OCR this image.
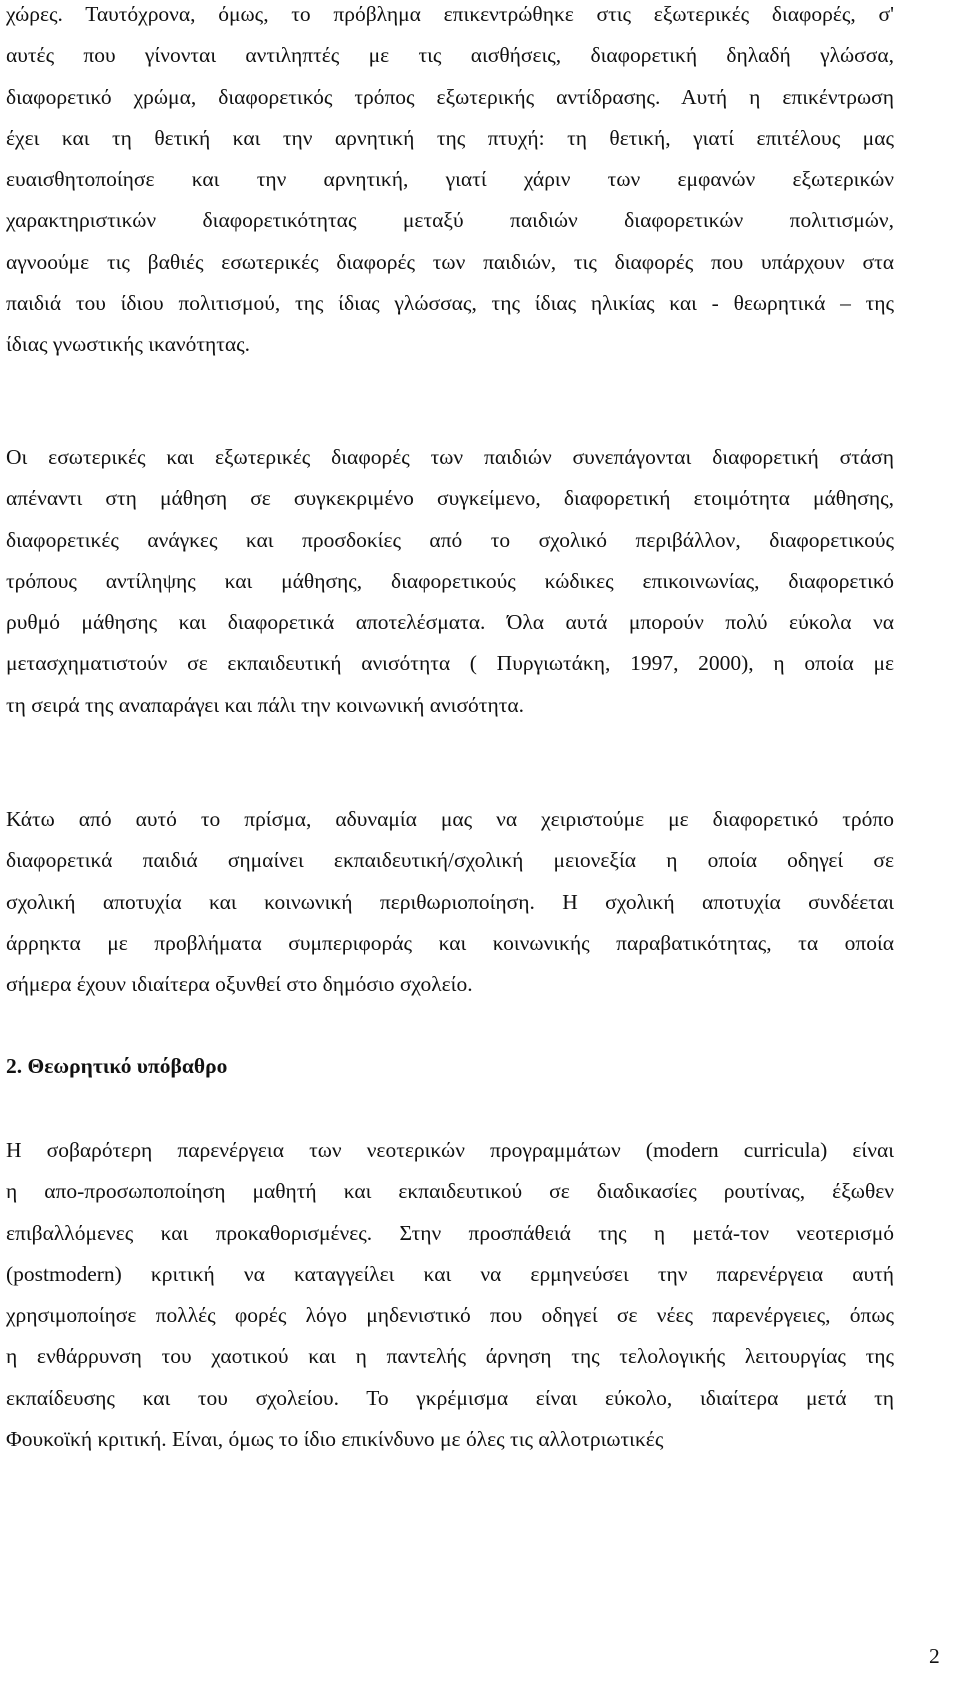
χώρες. Ταυτόχρονα, όμως, το πρόβλημα επικεντρώθηκε στις εξωτερικές διαφορές, σ'
αυτές που γίνονται αντιληπτές με τις αισθήσεις, διαφορετική δηλαδή γλώσσα,
διαφορετικό χρώμα, διαφορετικός τρόπος εξωτερικής αντίδρασης. Αυτή η επικέντρωση
έχει και τη θετική και την αρνητική της πτυχή: τη θετική, γιατί επιτέλους μας
ευαισθητοποίησε και την αρνητική, γιατί χάριν των εμφανών εξωτερικών
χαρακτηριστικών διαφορετικότητας μεταξύ παιδιών διαφορετικών πολιτισμών,
αγνοούμε τις βαθιές εσωτερικές διαφορές των παιδιών, τις διαφορές που υπάρχουν στα
παιδιά του ίδιου πολιτισμού, της ίδιας γλώσσας, της ίδιας ηλικίας και - θεωρητικά – της
ίδιας γνωστικής ικανότητας.
Οι εσωτερικές και εξωτερικές διαφορές των παιδιών συνεπάγονται διαφορετική στάση
απέναντι στη μάθηση σε συγκεκριμένο συγκείμενο, διαφορετική ετοιμότητα μάθησης,
διαφορετικές ανάγκες και προσδοκίες από το σχολικό περιβάλλον, διαφορετικούς
τρόπους αντίληψης και μάθησης, διαφορετικούς κώδικες επικοινωνίας, διαφορετικό
ρυθμό μάθησης και διαφορετικά αποτελέσματα. Όλα αυτά μπορούν πολύ εύκολα να
μετασχηματιστούν σε εκπαιδευτική ανισότητα ( Πυργιωτάκη, 1997, 2000), η οποία με
τη σειρά της αναπαράγει και πάλι την κοινωνική ανισότητα.
Κάτω από αυτό το πρίσμα, αδυναμία μας να χειριστούμε με διαφορετικό τρόπο
διαφορετικά παιδιά σημαίνει εκπαιδευτική/σχολική μειονεξία η οποία οδηγεί σε
σχολική αποτυχία και κοινωνική περιθωριοποίηση. Η σχολική αποτυχία συνδέεται
άρρηκτα με προβλήματα συμπεριφοράς και κοινωνικής παραβατικότητας, τα οποία
σήμερα έχουν ιδιαίτερα οξυνθεί στο δημόσιο σχολείο.
2. Θεωρητικό υπόβαθρο
Η σοβαρότερη παρενέργεια των νεοτερικών προγραμμάτων (modern curricula) είναι
η απο-προσωποποίηση μαθητή και εκπαιδευτικού σε διαδικασίες ρουτίνας, έξωθεν
επιβαλλόμενες και προκαθορισμένες. Στην προσπάθειά της η μετά-τον νεοτερισμό
(postmodern) κριτική να καταγγείλει και να ερμηνεύσει την παρενέργεια αυτή
χρησιμοποίησε πολλές φορές λόγο μηδενιστικό που οδηγεί σε νέες παρενέργειες, όπως
η ενθάρρυνση του χαοτικού και η παντελής άρνηση της τελολογικής λειτουργίας της
εκπαίδευσης και του σχολείου. Το γκρέμισμα είναι εύκολο, ιδιαίτερα μετά τη
Φουκοϊκή κριτική. Είναι, όμως το ίδιο επικίνδυνο με όλες τις αλλοτριωτικές
2
